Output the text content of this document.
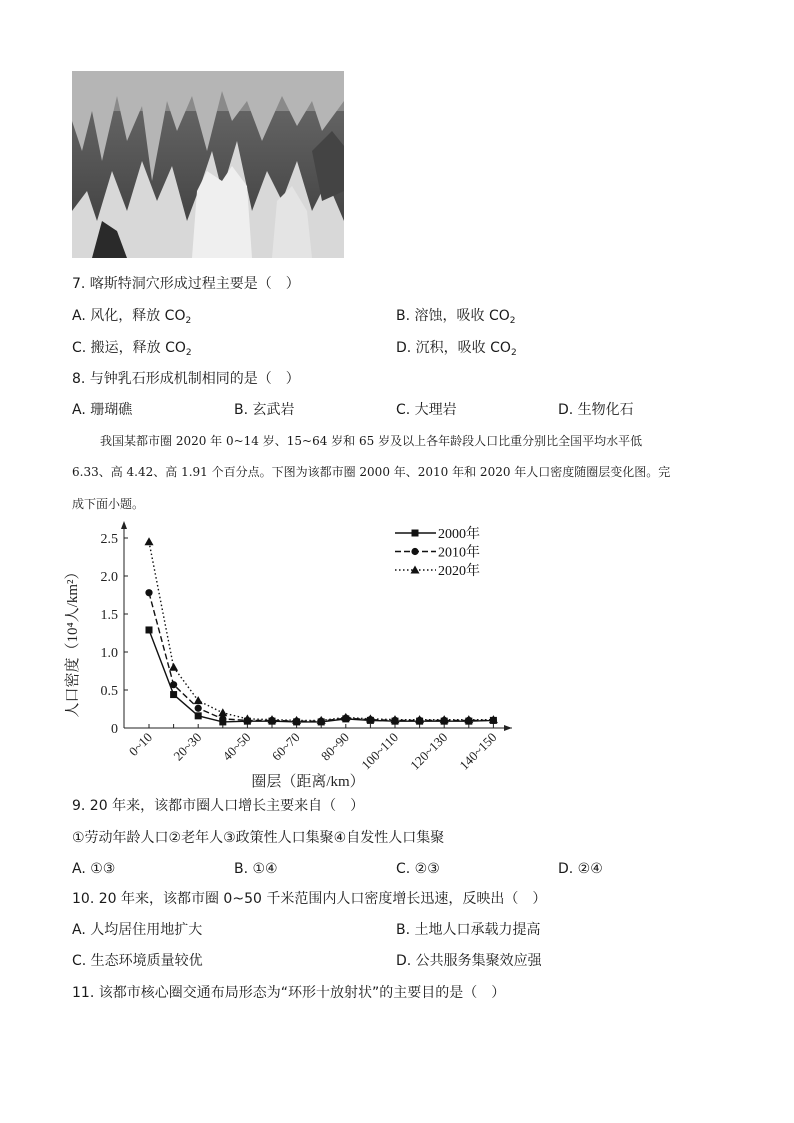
7. 喀斯特洞穴形成过程主要是（　）
A. 风化，释放 $CO_2$	B. 溶蚀，吸收 $CO_2$
C. 搬运，释放 $CO_2$	D. 沉积，吸收 $CO_2$
8. 与钟乳石形成机制相同的是（　）
A. 珊瑚礁	B. 玄武岩	C. 大理岩	D. 生物化石
我国某都市圈 2020 年 0~14 岁、15~64 岁和 65 岁及以上各年龄段人口比重分别比全国平均水平低
6.33、高 4.42、高 1.91 个百分点。下图为该都市圈 2000 年、2010 年和 2020 年人口密度随圈层变化图。完
成下面小题。
0
0.5
1.0
1.5
2.0
2.5
0~10 20~30 40~50 60~70 80~90 100~110 120~130 140~150
人口密度（10⁴人/km²）
圈层（距离/km）
2000年
2010年
2020年
9. 20 年来，该都市圈人口增长主要来自（　）
①劳动年龄人口②老年人③政策性人口集聚④自发性人口集聚
A. ①③	B. ①④	C. ②③	D. ②④
10. 20 年来，该都市圈 0~50 千米范围内人口密度增长迅速，反映出（　）
A. 人均居住用地扩大	B. 土地人口承载力提高
C. 生态环境质量较优	D. 公共服务集聚效应强
11. 该都市核心圈交通布局形态为“环形十放射状”的主要目的是（　）
